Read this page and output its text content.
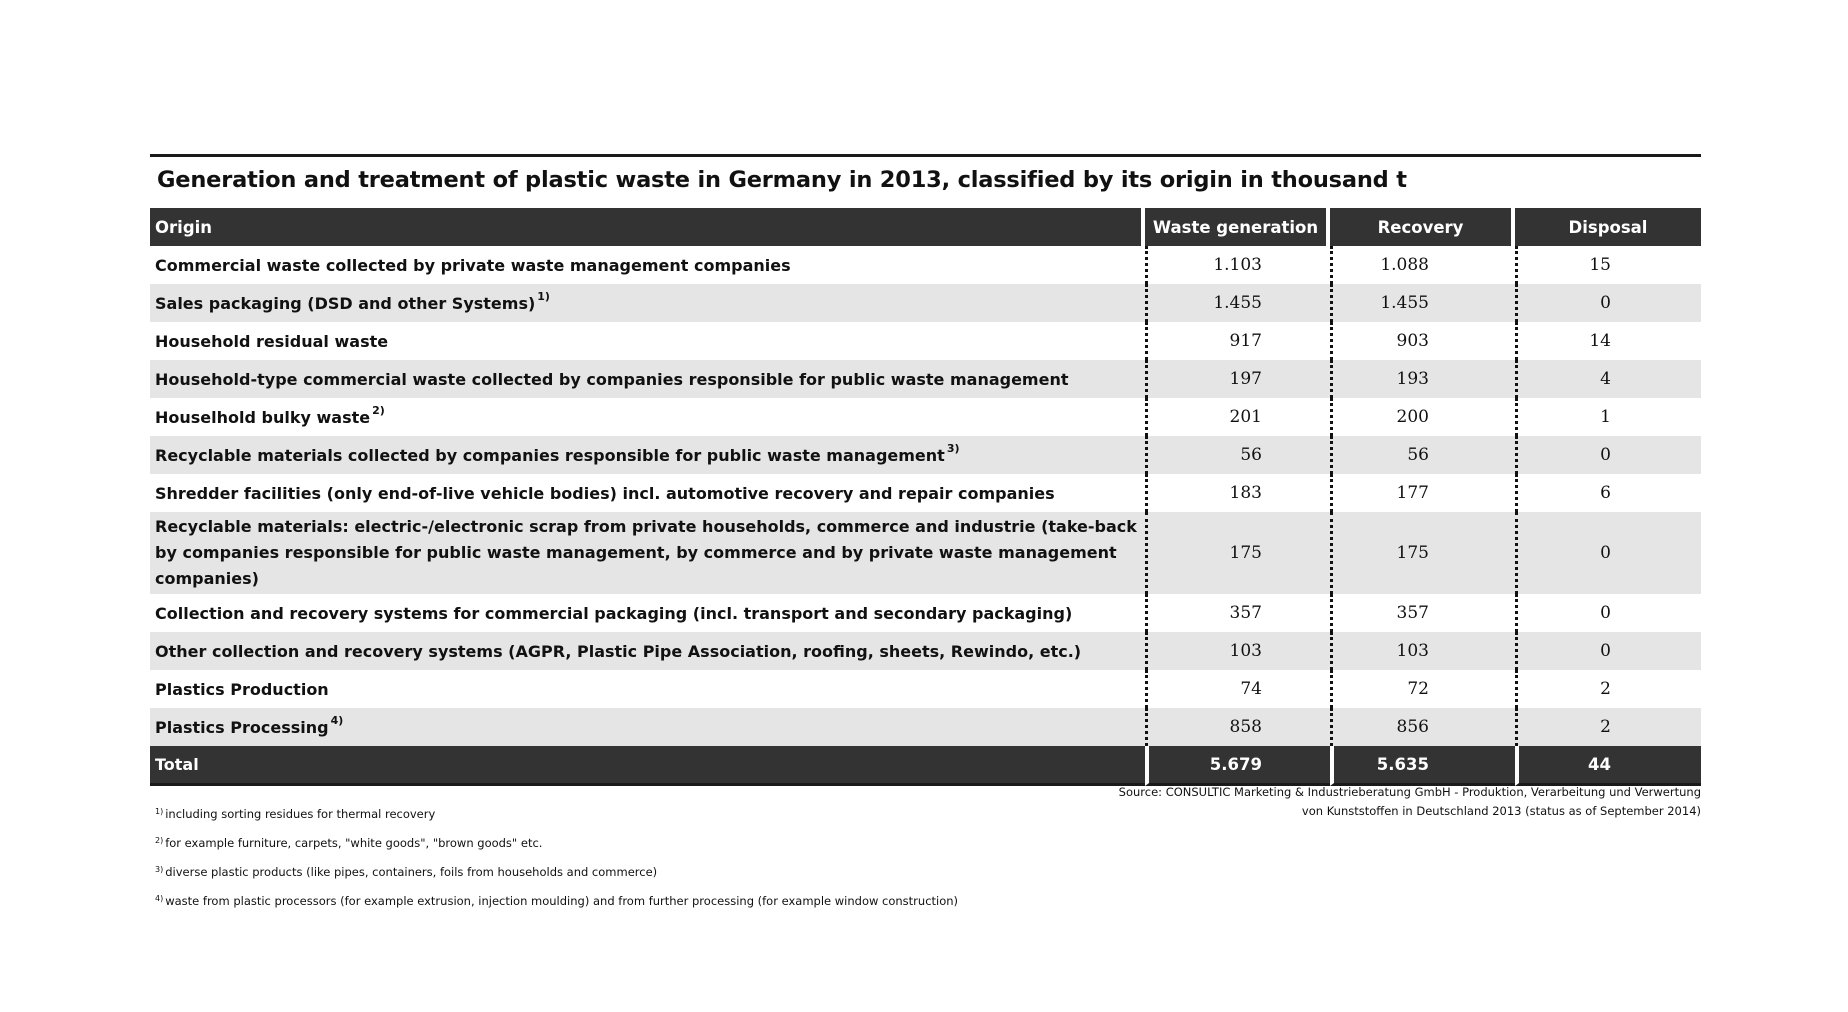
Generation and treatment of plastic waste in Germany in 2013, classified by its origin in thousand t
Origin	Waste generation	Recovery	Disposal
Commercial waste collected by private waste management companies	1.103	1.088	15
Sales packaging (DSD and other Systems) $^{1)}$	1.455	1.455	0
Household residual waste	917	903	14
Household-type commercial waste collected by companies responsible for public waste management	197	193	4
Houselhold bulky waste $^{2)}$	201	200	1
Recyclable materials collected by companies responsible for public waste management $^{3)}$	56	56	0
Shredder facilities (only end-of-live vehicle bodies) incl. automotive recovery and repair companies	183	177	6
Recyclable materials: electric-/electronic scrap from private households, commerce and industrie (take-back by companies responsible for public waste management, by commerce and by private waste management companies)	175	175	0
Collection and recovery systems for commercial packaging (incl. transport and secondary packaging)	357	357	0
Other collection and recovery systems (AGPR, Plastic Pipe Association, roofing, sheets, Rewindo, etc.)	103	103	0
Plastics Production	74	72	2
Plastics Processing $^{4)}$	858	856	2
Total	5.679	5.635	44
Source: CONSULTIC Marketing & Industrieberatung GmbH - Produktion, Verarbeitung und Verwertung
von Kunststoffen in Deutschland 2013 (status as of September 2014)
$^{1)}$ including sorting residues for thermal recovery
$^{2)}$ for example furniture, carpets, "white goods", "brown goods" etc.
$^{3)}$ diverse plastic products (like pipes, containers, foils from households and commerce)
$^{4)}$ waste from plastic processors (for example extrusion, injection moulding) and from further processing (for example window construction)
